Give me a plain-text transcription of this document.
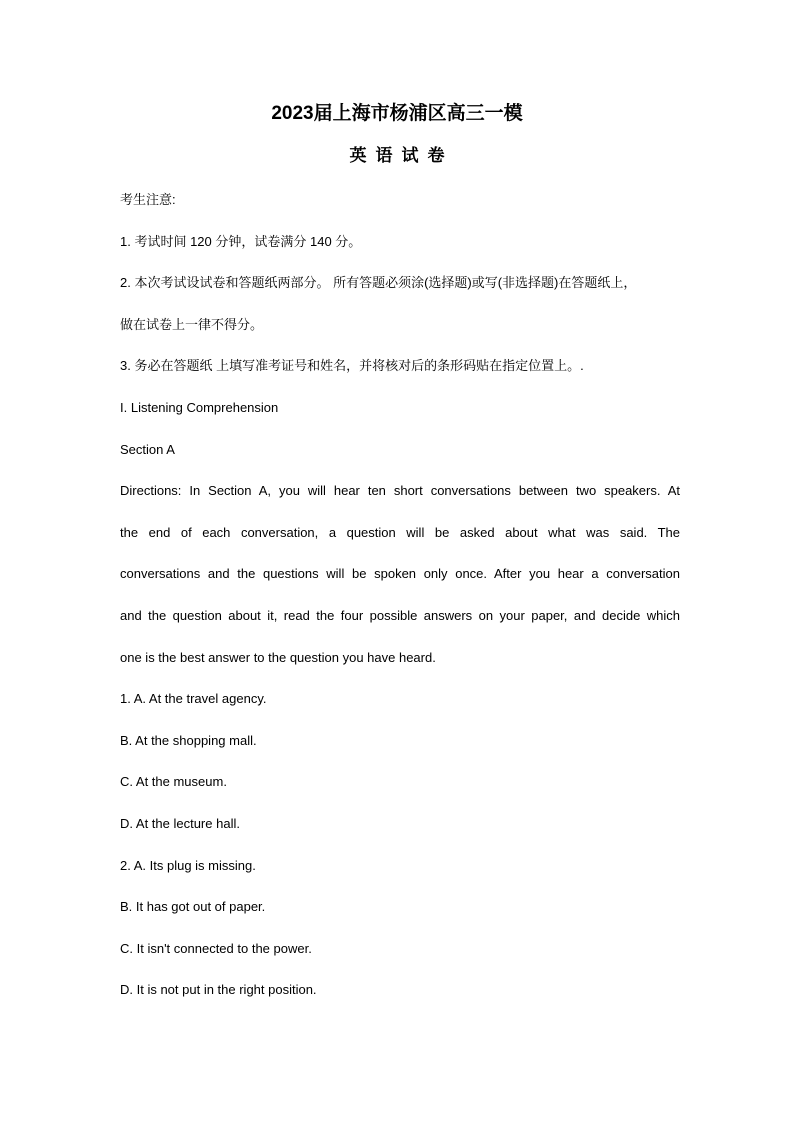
2023届上海市杨浦区高三一模
英语试卷
考生注意:
1. 考试时间 120 分钟，试卷满分 140 分。
2. 本次考试设试卷和答题纸两部分。 所有答题必须涂(选择题)或写(非选择题)在答题纸上，
做在试卷上一律不得分。
3. 务必在答题纸 上填写准考证号和姓名，并将核对后的条形码贴在指定位置上。.
I. Listening Comprehension
Section A
Directions: In Section A, you will hear ten short conversations between two speakers. At
the end of each conversation, a question will be asked about what was said. The
conversations and the questions will be spoken only once. After you hear a conversation
and the question about it, read the four possible answers on your paper, and decide which
one is the best answer to the question you have heard.
1. A. At the travel agency.
B. At the shopping mall.
C. At the museum.
D. At the lecture hall.
2. A. Its plug is missing.
B. It has got out of paper.
C. It isn't connected to the power.
D. It is not put in the right position.
